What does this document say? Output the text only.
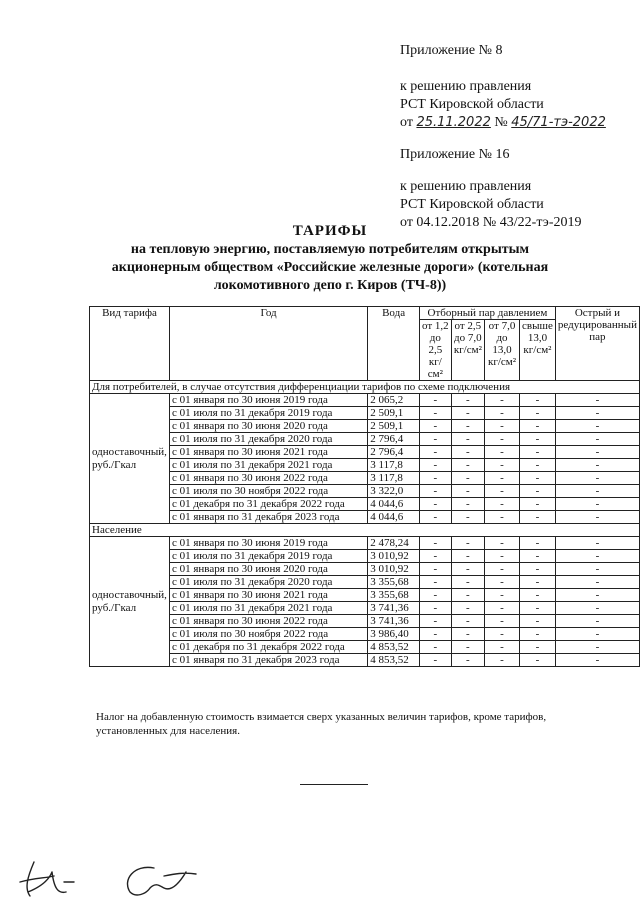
Приложение № 8
к решению правления
РСТ Кировской области
от 25.11.2022 № 45/71-тэ-2022
Приложение № 16
к решению правления
РСТ Кировской области
от 04.12.2018 № 43/22-тэ-2019
ТАРИФЫ
на тепловую энергию, поставляемую потребителям открытым
акционерным обществом «Российские железные дороги» (котельная
локомотивного депо г. Киров (ТЧ-8))
Вид тарифа	Год	Вода	Отборный пар давлением				Острый и редуцированный пар
			от 1,2 до 2,5 кг/см²	от 2,5 до 7,0 кг/см²	от 7,0 до 13,0 кг/см²	свыше 13,0 кг/см²	
Для потребителей, в случае отсутствия дифференциации тарифов по схеме подключения							
одноставочный, руб./Гкал	с 01 января по 30 июня 2019 года	2 065,2	-	-	-	-	-
	с 01 июля по 31 декабря 2019 года	2 509,1	-	-	-	-	-
	с 01 января по 30 июня 2020 года	2 509,1	-	-	-	-	-
	с 01 июля по 31 декабря 2020 года	2 796,4	-	-	-	-	-
	с 01 января по 30 июня 2021 года	2 796,4	-	-	-	-	-
	с 01 июля по 31 декабря 2021 года	3 117,8	-	-	-	-	-
	с 01 января по 30 июня 2022 года	3 117,8	-	-	-	-	-
	с 01 июля по 30 ноября 2022 года	3 322,0	-	-	-	-	-
	с 01 декабря по 31 декабря 2022 года	4 044,6	-	-	-	-	-
	с 01 января по 31 декабря 2023 года	4 044,6	-	-	-	-	-
Население							
одноставочный, руб./Гкал	с 01 января по 30 июня 2019 года	2 478,24	-	-	-	-	-
	с 01 июля по 31 декабря 2019 года	3 010,92	-	-	-	-	-
	с 01 января по 30 июня 2020 года	3 010,92	-	-	-	-	-
	с 01 июля по 31 декабря 2020 года	3 355,68	-	-	-	-	-
	с 01 января по 30 июня 2021 года	3 355,68	-	-	-	-	-
	с 01 июля по 31 декабря 2021 года	3 741,36	-	-	-	-	-
	с 01 января по 30 июня 2022 года	3 741,36	-	-	-	-	-
	с 01 июля по 30 ноября 2022 года	3 986,40	-	-	-	-	-
	с 01 декабря по 31 декабря 2022 года	4 853,52	-	-	-	-	-
	с 01 января по 31 декабря 2023 года	4 853,52	-	-	-	-	-
Налог на добавленную стоимость взимается сверх указанных величин тарифов, кроме тарифов, установленных для населения.
